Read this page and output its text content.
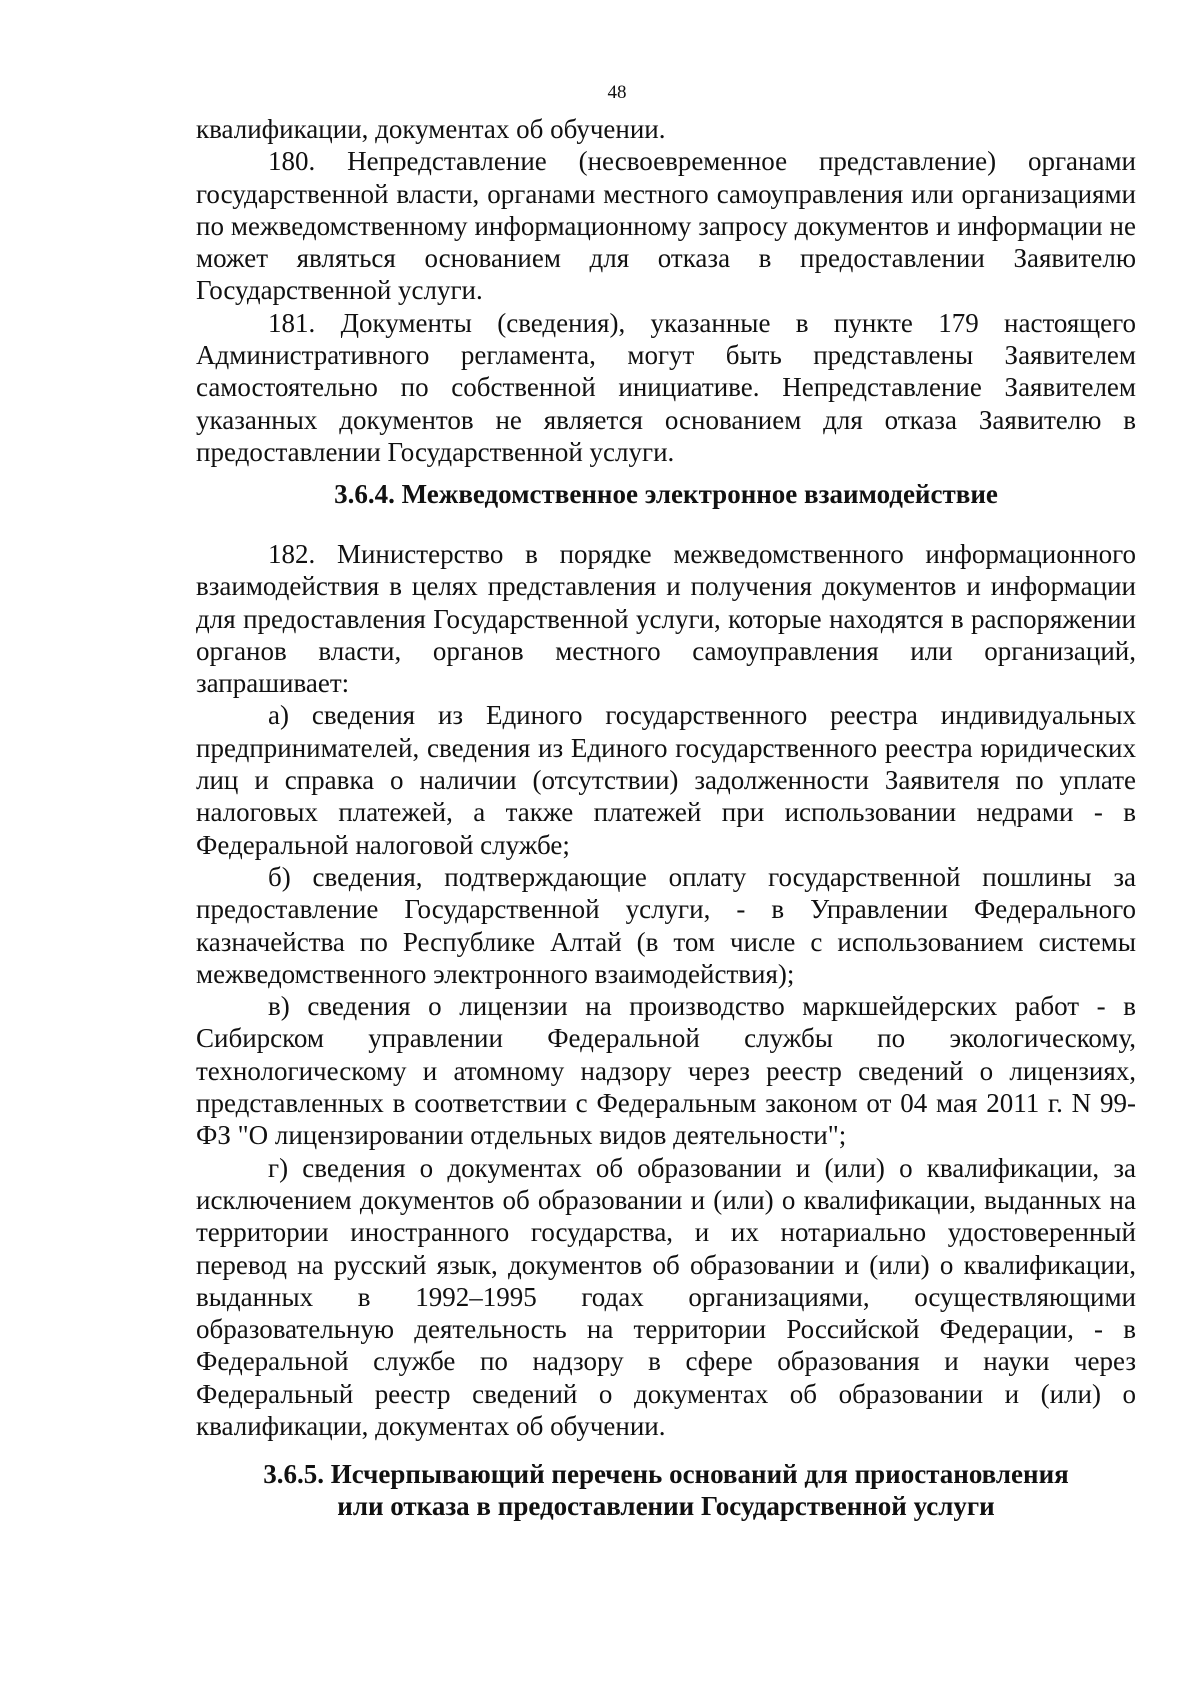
48

квалификации, документах об обучении.

180. Непредставление (несвоевременное представление) органами государственной власти, органами местного самоуправления или организациями по межведомственному информационному запросу документов и информации не может являться основанием для отказа в предоставлении Заявителю Государственной услуги.

181. Документы (сведения), указанные в пункте 179 настоящего Административного регламента, могут быть представлены Заявителем самостоятельно по собственной инициативе. Непредставление Заявителем указанных документов не является основанием для отказа Заявителю в предоставлении Государственной услуги.

3.6.4. Межведомственное электронное взаимодействие

182. Министерство в порядке межведомственного информационного взаимодействия в целях представления и получения документов и информации для предоставления Государственной услуги, которые находятся в распоряжении органов власти, органов местного самоуправления или организаций, запрашивает:

а) сведения из Единого государственного реестра индивидуальных предпринимателей, сведения из Единого государственного реестра юридических лиц и справка о наличии (отсутствии) задолженности Заявителя по уплате налоговых платежей, а также платежей при использовании недрами - в Федеральной налоговой службе;

б) сведения, подтверждающие оплату государственной пошлины за предоставление Государственной услуги, - в Управлении Федерального казначейства по Республике Алтай (в том числе с использованием системы межведомственного электронного взаимодействия);

в) сведения о лицензии на производство маркшейдерских работ - в Сибирском управлении Федеральной службы по экологическому, технологическому и атомному надзору через реестр сведений о лицензиях, представленных в соответствии с Федеральным законом от 04 мая 2011 г. N 99-ФЗ "О лицензировании отдельных видов деятельности";

г) сведения о документах об образовании и (или) о квалификации, за исключением документов об образовании и (или) о квалификации, выданных на территории иностранного государства, и их нотариально удостоверенный перевод на русский язык, документов об образовании и (или) о квалификации, выданных в 1992–1995 годах организациями, осуществляющими образовательную деятельность на территории Российской Федерации, - в Федеральной службе по надзору в сфере образования и науки через Федеральный реестр сведений о документах об образовании и (или) о квалификации, документах об обучении.

3.6.5. Исчерпывающий перечень оснований для приостановления
или отказа в предоставлении Государственной услуги
